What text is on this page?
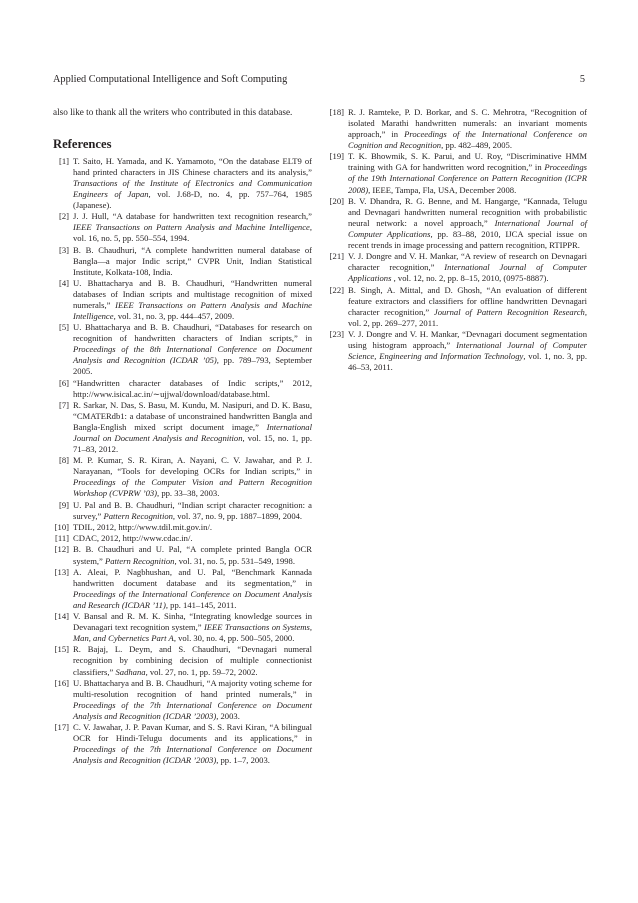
Applied Computational Intelligence and Soft Computing	5

also like to thank all the writers who contributed in this database.

References
[1] T. Saito, H. Yamada, and K. Yamamoto, “On the database ELT9 of hand printed characters in JIS Chinese characters and its analysis,” Transactions of the Institute of Electronics and Communication Engineers of Japan, vol. J.68-D, no. 4, pp. 757–764, 1985 (Japanese).
[2] J. J. Hull, “A database for handwritten text recognition research,” IEEE Transactions on Pattern Analysis and Machine Intelligence, vol. 16, no. 5, pp. 550–554, 1994.
[3] B. B. Chaudhuri, “A complete handwritten numeral database of Bangla—a major Indic script,” CVPR Unit, Indian Statistical Institute, Kolkata-108, India.
[4] U. Bhattacharya and B. B. Chaudhuri, “Handwritten numeral databases of Indian scripts and multistage recognition of mixed numerals,” IEEE Transactions on Pattern Analysis and Machine Intelligence, vol. 31, no. 3, pp. 444–457, 2009.
[5] U. Bhattacharya and B. B. Chaudhuri, “Databases for research on recognition of handwritten characters of Indian scripts,” in Proceedings of the 8th International Conference on Document Analysis and Recognition (ICDAR ’05), pp. 789–793, September 2005.
[6] “Handwritten character databases of Indic scripts,” 2012, http://www.isical.ac.in/∼ujjwal/download/database.html.
[7] R. Sarkar, N. Das, S. Basu, M. Kundu, M. Nasipuri, and D. K. Basu, “CMATERdb1: a database of unconstrained handwritten Bangla and Bangla-English mixed script document image,” International Journal on Document Analysis and Recognition, vol. 15, no. 1, pp. 71–83, 2012.
[8] M. P. Kumar, S. R. Kiran, A. Nayani, C. V. Jawahar, and P. J. Narayanan, “Tools for developing OCRs for Indian scripts,” in Proceedings of the Computer Vision and Pattern Recognition Workshop (CVPRW ’03), pp. 33–38, 2003.
[9] U. Pal and B. B. Chaudhuri, “Indian script character recognition: a survey,” Pattern Recognition, vol. 37, no. 9, pp. 1887–1899, 2004.
[10] TDIL, 2012, http://www.tdil.mit.gov.in/.
[11] CDAC, 2012, http://www.cdac.in/.
[12] B. B. Chaudhuri and U. Pal, “A complete printed Bangla OCR system,” Pattern Recognition, vol. 31, no. 5, pp. 531–549, 1998.
[13] A. Aleai, P. Nagbhushan, and U. Pal, “Benchmark Kannada handwritten document database and its segmentation,” in Proceedings of the International Conference on Document Analysis and Research (ICDAR ’11), pp. 141–145, 2011.
[14] V. Bansal and R. M. K. Sinha, “Integrating knowledge sources in Devanagari text recognition system,” IEEE Transactions on Systems, Man, and Cybernetics Part A, vol. 30, no. 4, pp. 500–505, 2000.
[15] R. Bajaj, L. Deym, and S. Chaudhuri, “Devnagari numeral recognition by combining decision of multiple connectionist classifiers,” Sadhana, vol. 27, no. 1, pp. 59–72, 2002.
[16] U. Bhattacharya and B. B. Chaudhuri, “A majority voting scheme for multi-resolution recognition of hand printed numerals,” in Proceedings of the 7th International Conference on Document Analysis and Recognition (ICDAR ’2003), 2003.
[17] C. V. Jawahar, J. P. Pavan Kumar, and S. S. Ravi Kiran, “A bilingual OCR for Hindi-Telugu documents and its applications,” in Proceedings of the 7th International Conference on Document Analysis and Recognition (ICDAR ’2003), pp. 1–7, 2003.
[18] R. J. Ramteke, P. D. Borkar, and S. C. Mehrotra, “Recognition of isolated Marathi handwritten numerals: an invariant moments approach,” in Proceedings of the International Conference on Cognition and Recognition, pp. 482–489, 2005.
[19] T. K. Bhowmik, S. K. Parui, and U. Roy, “Discriminative HMM training with GA for handwritten word recognition,” in Proceedings of the 19th International Conference on Pattern Recognition (ICPR 2008), IEEE, Tampa, Fla, USA, December 2008.
[20] B. V. Dhandra, R. G. Benne, and M. Hangarge, “Kannada, Telugu and Devnagari handwritten numeral recognition with probabilistic neural network: a novel approach,” International Journal of Computer Applications, pp. 83–88, 2010, IJCA special issue on recent trends in image processing and pattern recognition, RTIPPR.
[21] V. J. Dongre and V. H. Mankar, “A review of research on Devnagari character recognition,” International Journal of Computer Applications , vol. 12, no. 2, pp. 8–15, 2010, (0975-8887).
[22] B. Singh, A. Mittal, and D. Ghosh, “An evaluation of different feature extractors and classifiers for offline handwritten Devnagari character recognition,” Journal of Pattern Recognition Research, vol. 2, pp. 269–277, 2011.
[23] V. J. Dongre and V. H. Mankar, “Devnagari document segmentation using histogram approach,” International Journal of Computer Science, Engineering and Information Technology, vol. 1, no. 3, pp. 46–53, 2011.
